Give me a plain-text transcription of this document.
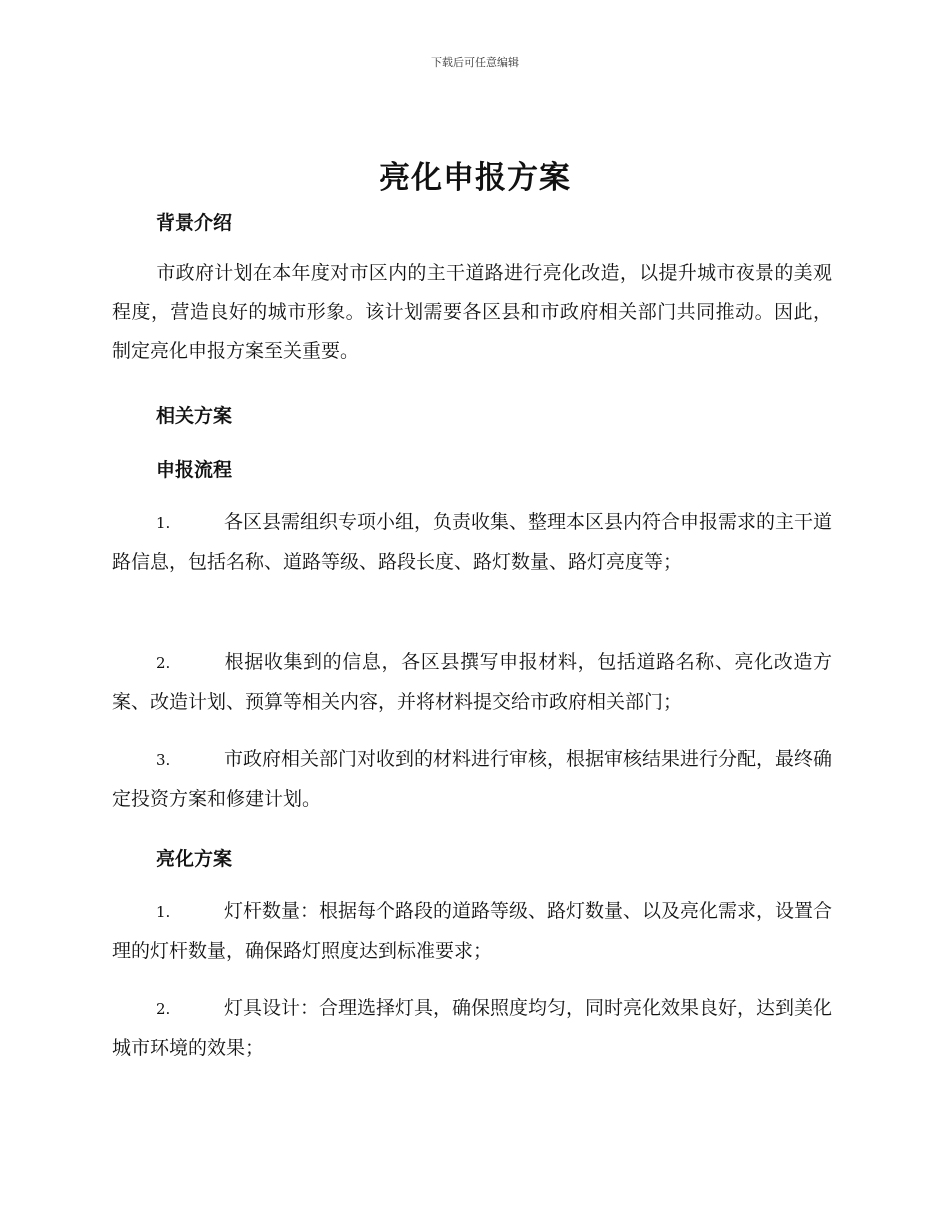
下载后可任意编辑
亮化申报方案
背景介绍
市政府计划在本年度对市区内的主干道路进行亮化改造，以提升城市夜景的美观程度，营造良好的城市形象。该计划需要各区县和市政府相关部门共同推动。因此，制定亮化申报方案至关重要。
相关方案
申报流程
1.	各区县需组织专项小组，负责收集、整理本区县内符合申报需求的主干道路信息，包括名称、道路等级、路段长度、路灯数量、路灯亮度等；
2.	根据收集到的信息，各区县撰写申报材料，包括道路名称、亮化改造方案、改造计划、预算等相关内容，并将材料提交给市政府相关部门；
3.	市政府相关部门对收到的材料进行审核，根据审核结果进行分配，最终确定投资方案和修建计划。
亮化方案
1.	灯杆数量：根据每个路段的道路等级、路灯数量、以及亮化需求，设置合理的灯杆数量，确保路灯照度达到标准要求；
2.	灯具设计：合理选择灯具，确保照度均匀，同时亮化效果良好，达到美化城市环境的效果；
